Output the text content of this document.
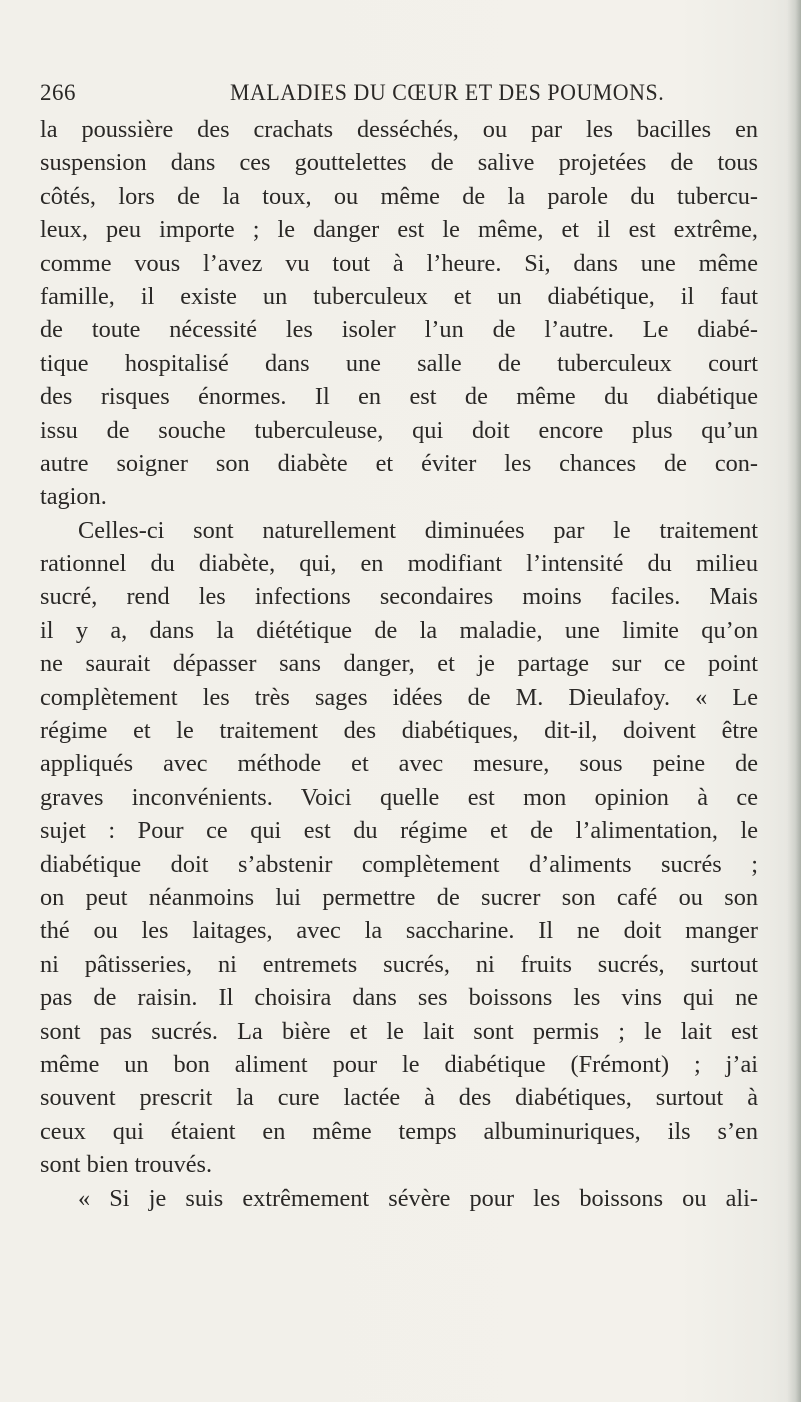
266	MALADIES DU CŒUR ET DES POUMONS.
la poussière des crachats desséchés, ou par les bacilles en
suspension dans ces gouttelettes de salive projetées de tous
côtés, lors de la toux, ou même de la parole du tubercu-
leux, peu importe ; le danger est le même, et il est extrême,
comme vous l’avez vu tout à l’heure. Si, dans une même
famille, il existe un tuberculeux et un diabétique, il faut
de toute nécessité les isoler l’un de l’autre. Le diabé-
tique hospitalisé dans une salle de tuberculeux court
des risques énormes. Il en est de même du diabétique
issu de souche tuberculeuse, qui doit encore plus qu’un
autre soigner son diabète et éviter les chances de con-
tagion.
Celles-ci sont naturellement diminuées par le traitement
rationnel du diabète, qui, en modifiant l’intensité du milieu
sucré, rend les infections secondaires moins faciles. Mais
il y a, dans la diététique de la maladie, une limite qu’on
ne saurait dépasser sans danger, et je partage sur ce point
complètement les très sages idées de M. Dieulafoy. « Le
régime et le traitement des diabétiques, dit-il, doivent être
appliqués avec méthode et avec mesure, sous peine de
graves inconvénients. Voici quelle est mon opinion à ce
sujet : Pour ce qui est du régime et de l’alimentation, le
diabétique doit s’abstenir complètement d’aliments sucrés ;
on peut néanmoins lui permettre de sucrer son café ou son
thé ou les laitages, avec la saccharine. Il ne doit manger
ni pâtisseries, ni entremets sucrés, ni fruits sucrés, surtout
pas de raisin. Il choisira dans ses boissons les vins qui ne
sont pas sucrés. La bière et le lait sont permis ; le lait est
même un bon aliment pour le diabétique (Frémont) ; j’ai
souvent prescrit la cure lactée à des diabétiques, surtout à
ceux qui étaient en même temps albuminuriques, ils s’en
sont bien trouvés.
« Si je suis extrêmement sévère pour les boissons ou ali-
